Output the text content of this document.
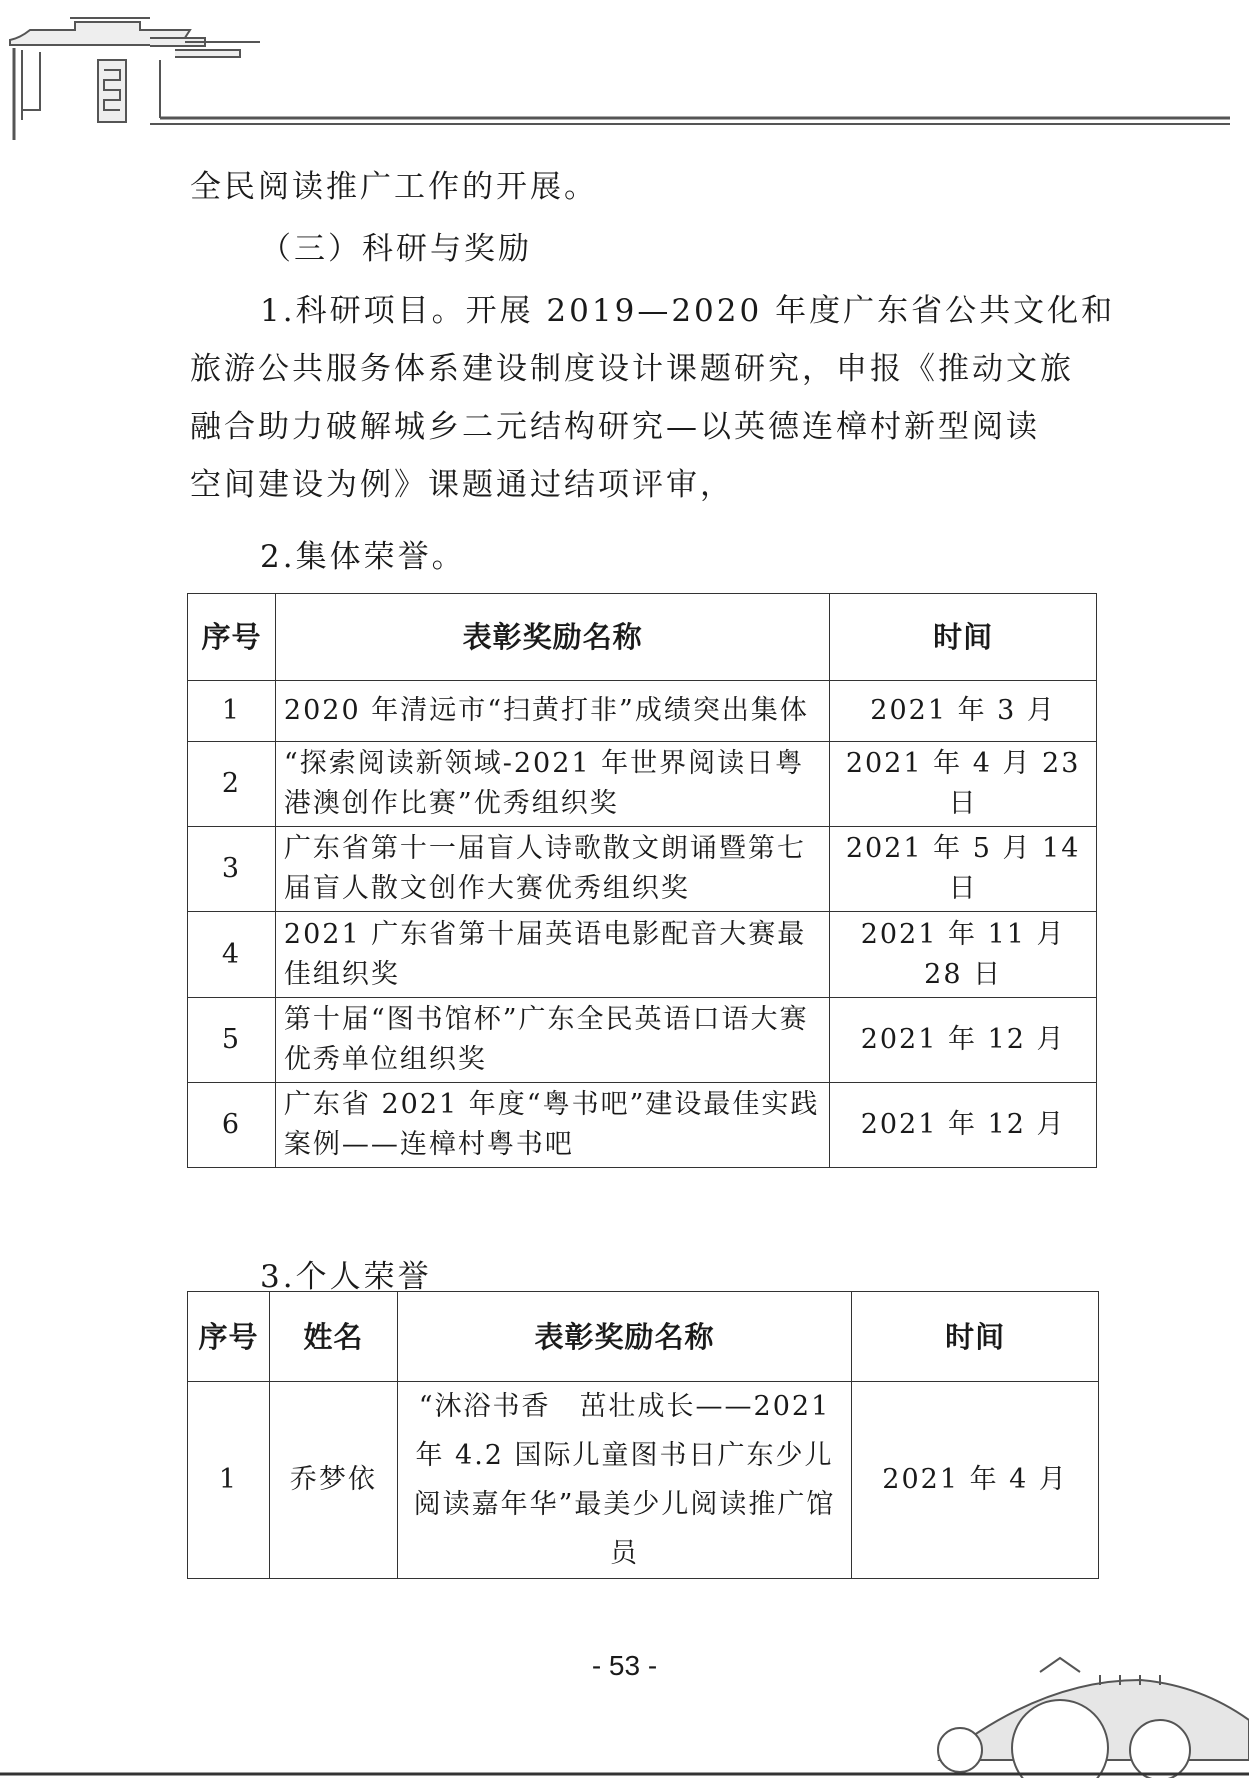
全民阅读推广工作的开展。

（三）科研与奖励

1.科研项目。开展 2019—2020 年度广东省公共文化和
旅游公共服务体系建设制度设计课题研究，申报《推动文旅
融合助力破解城乡二元结构研究—以英德连樟村新型阅读
空间建设为例》课题通过结项评审，

2.集体荣誉。

序号	表彰奖励名称	时间
1	2020 年清远市“扫黄打非”成绩突出集体	2021 年 3 月
2	“探索阅读新领域-2021 年世界阅读日粤港澳创作比赛”优秀组织奖	2021 年 4 月 23 日
3	广东省第十一届盲人诗歌散文朗诵暨第七届盲人散文创作大赛优秀组织奖	2021 年 5 月 14 日
4	2021 广东省第十届英语电影配音大赛最佳组织奖	2021 年 11 月 28 日
5	第十届“图书馆杯”广东全民英语口语大赛优秀单位组织奖	2021 年 12 月
6	广东省 2021 年度“粤书吧”建设最佳实践案例——连樟村粤书吧	2021 年 12 月

3.个人荣誉

序号	姓名	表彰奖励名称	时间
1	乔梦依	“沐浴书香　茁壮成长——2021 年 4.2 国际儿童图书日广东少儿阅读嘉年华”最美少儿阅读推广馆员	2021 年 4 月
- 53 -
